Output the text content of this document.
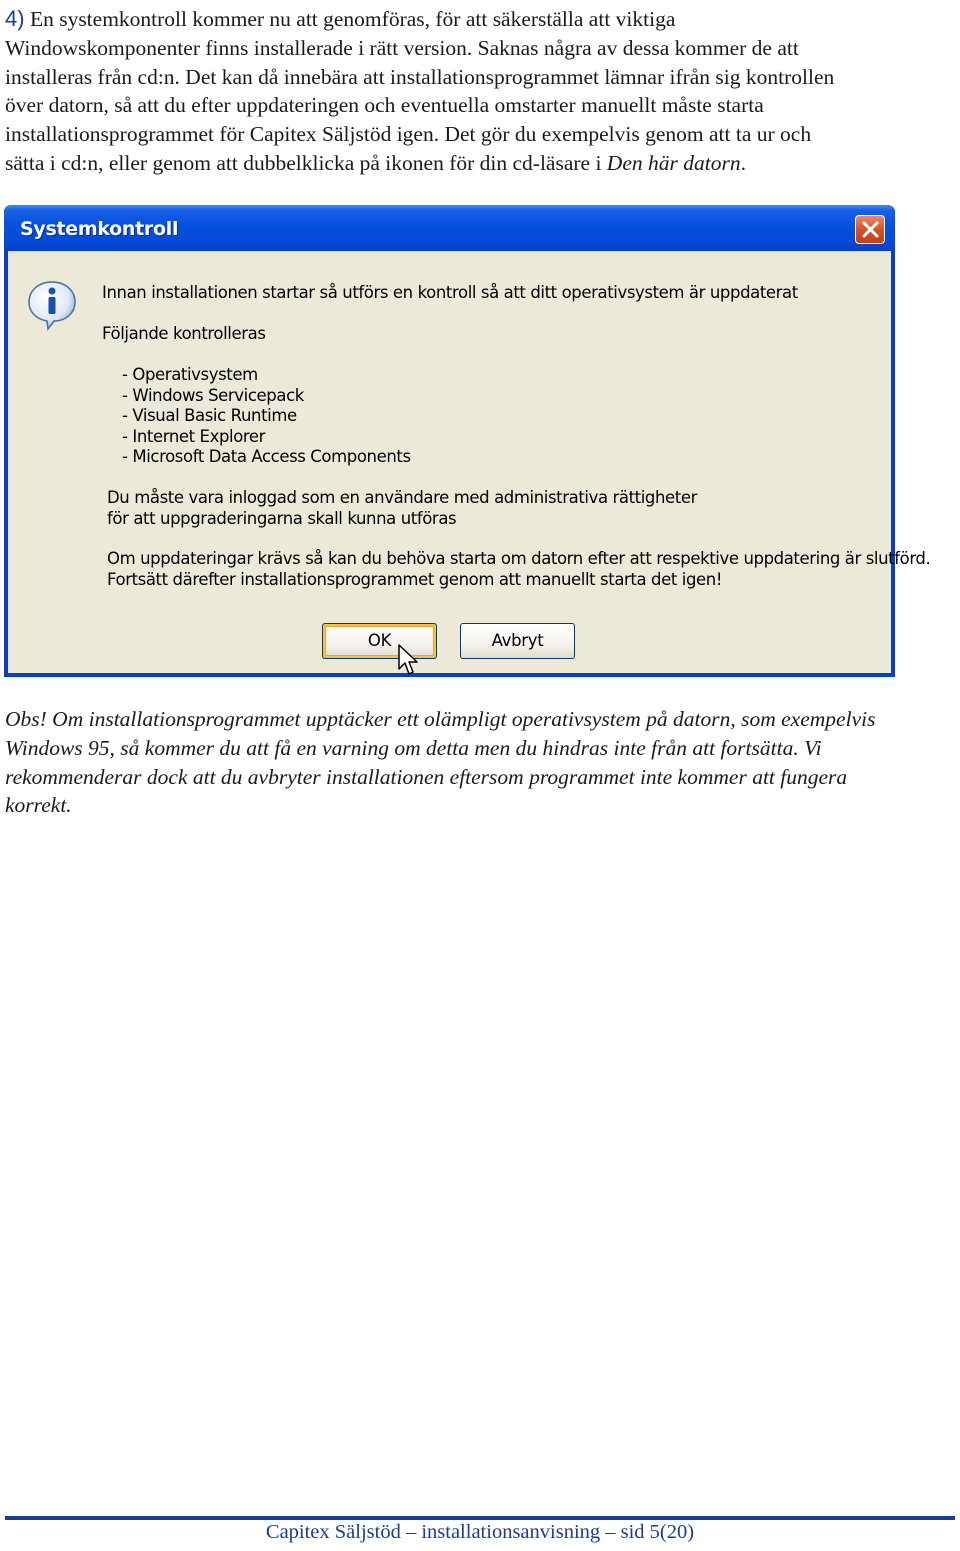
4) En systemkontroll kommer nu att genomföras, för att säkerställa att viktiga
Windowskomponenter finns installerade i rätt version. Saknas några av dessa kommer de att
installeras från cd:n. Det kan då innebära att installationsprogrammet lämnar ifrån sig kontrollen
över datorn, så att du efter uppdateringen och eventuella omstarter manuellt måste starta
installationsprogrammet för Capitex Säljstöd igen. Det gör du exempelvis genom att ta ur och
sätta i cd:n, eller genom att dubbelklicka på ikonen för din cd-läsare i Den här datorn.
Systemkontroll
Innan installationen startar så utförs en kontroll så att ditt operativsystem är uppdaterat
Följande kontrolleras
- Operativsystem
- Windows Servicepack
- Visual Basic Runtime
- Internet Explorer
- Microsoft Data Access Components
Du måste vara inloggad som en användare med administrativa rättigheter
för att uppgraderingarna skall kunna utföras
Om uppdateringar krävs så kan du behöva starta om datorn efter att respektive uppdatering är slutförd.
Fortsätt därefter installationsprogrammet genom att manuellt starta det igen!
OK	Avbryt
Obs! Om installationsprogrammet upptäcker ett olämpligt operativsystem på datorn, som exempelvis
Windows 95, så kommer du att få en varning om detta men du hindras inte från att fortsätta. Vi
rekommenderar dock att du avbryter installationen eftersom programmet inte kommer att fungera
korrekt.
Capitex Säljstöd – installationsanvisning – sid 5(20)
